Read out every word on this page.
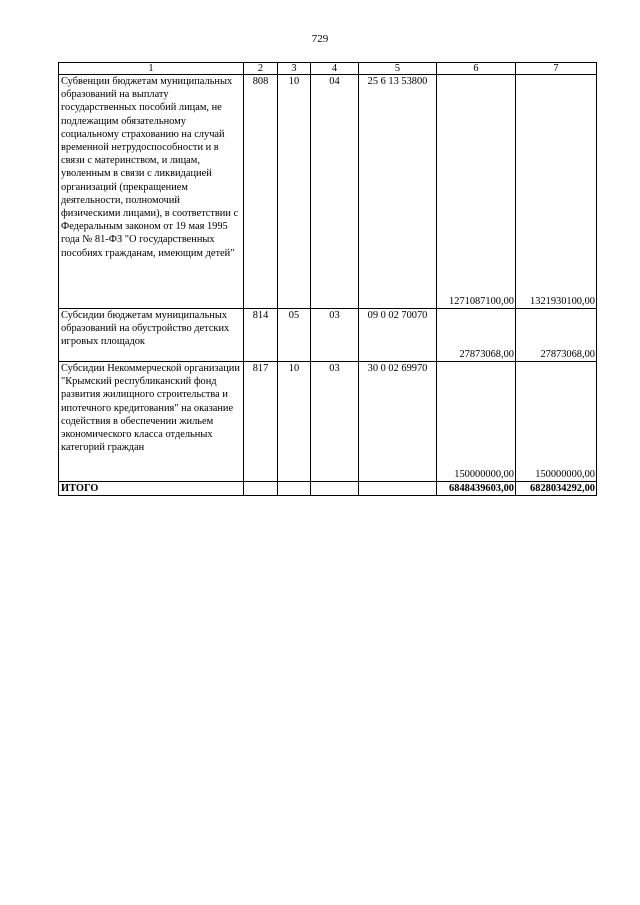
729
1	2	3	4	5	6	7
Субвенции бюджетам муниципальных образований на выплату государственных пособий лицам, не подлежащим обязательному социальному страхованию на случай временной нетрудоспособности и в связи с материнством, и лицам, уволенным в связи с ликвидацией организаций (прекращением деятельности, полномочий физическими лицами), в соответствии с Федеральным законом от 19 мая 1995 года № 81-ФЗ "О государственных пособиях гражданам, имеющим детей"	808	10	04	25 6 13 53800	1271087100,00	1321930100,00
Субсидии бюджетам муниципальных образований на обустройство детских игровых площадок	814	05	03	09 0 02 70070	27873068,00	27873068,00
Субсидии Некоммерческой организации "Крымский республиканский фонд развития жилищного строительства и ипотечного кредитования" на оказание содействия в обеспечении жильем экономического класса отдельных категорий граждан	817	10	03	30 0 02 69970	150000000,00	150000000,00
ИТОГО					6848439603,00	6828034292,00
